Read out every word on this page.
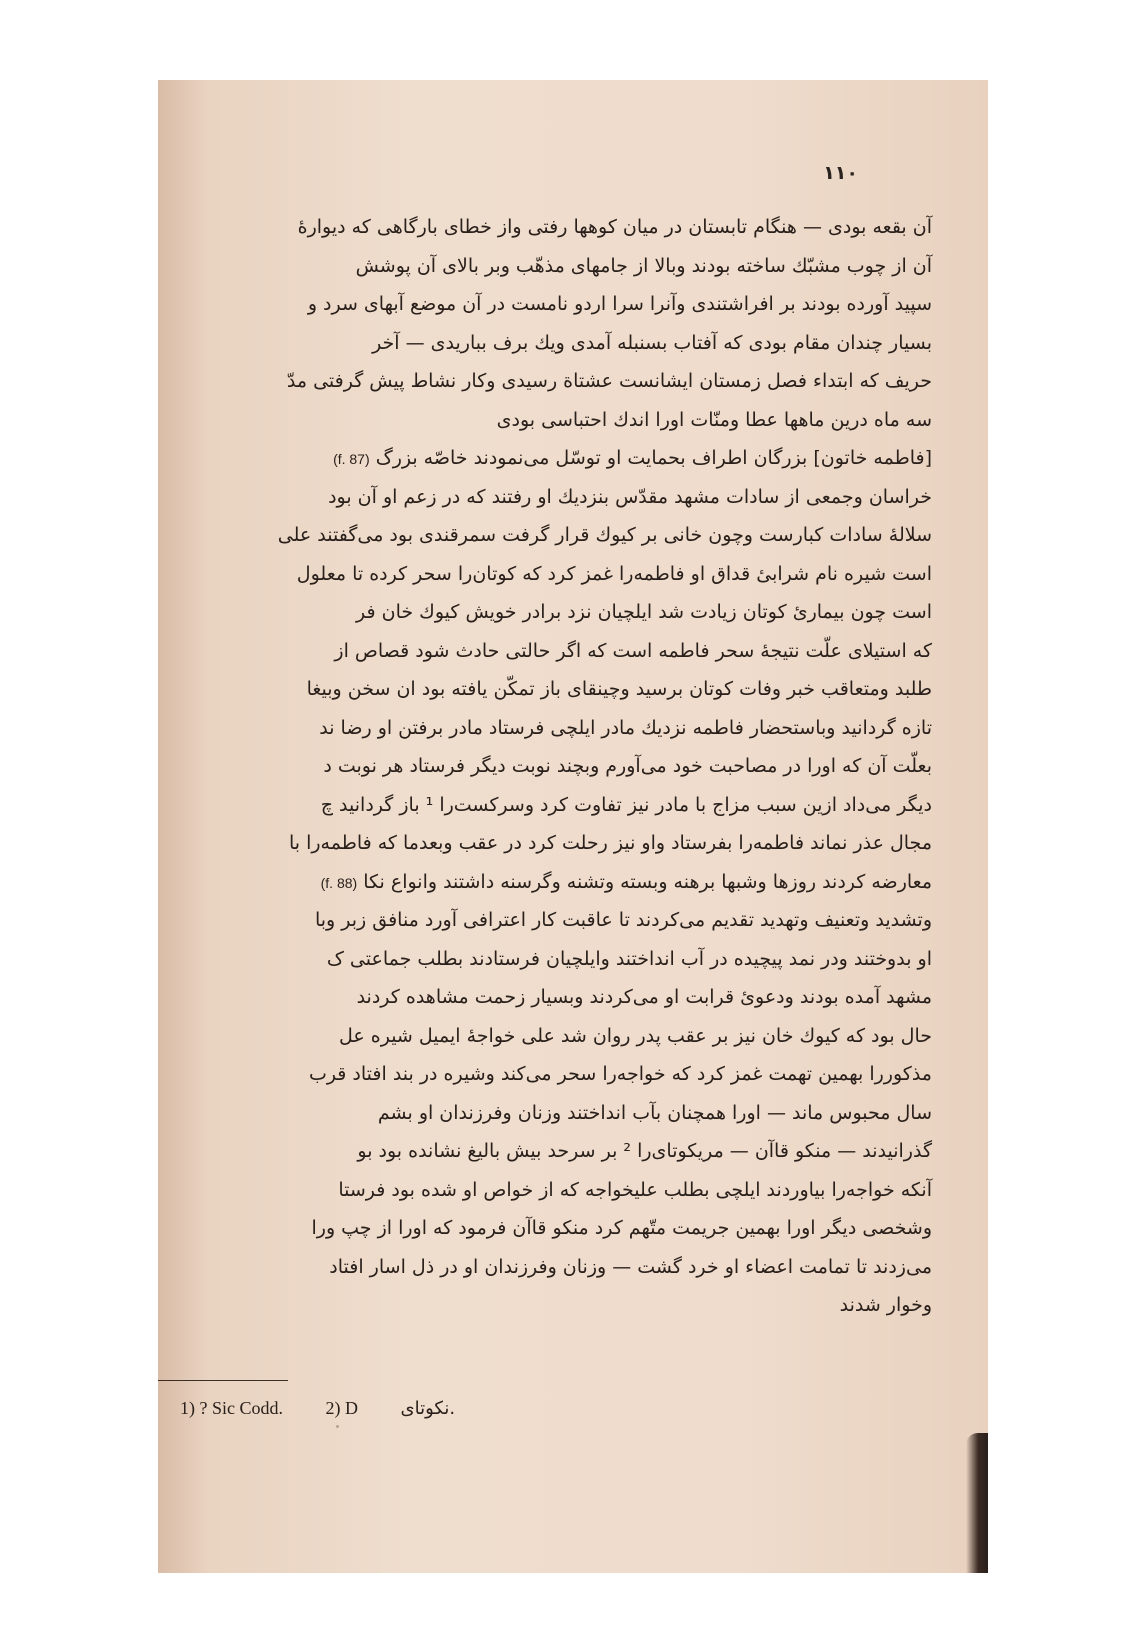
۱۱۰
آن بقعه بودی — هنگام تابستان در میان کوهها رفتی واز خطای بارگاهی که دیوارهٔ
آن از چوب مشبّك ساخته بودند وبالا از جامهای مذهّب وبر بالای آن پوشش
سپید آورده بودند بر افراشتندی وآنرا سرا اردو نامست در آن موضع آبهای سرد و
بسیار چندان مقام بودی که آفتاب بسنبله آمدی ویك برف بباریدی — آخر
حریف که ابتداء فصل زمستان ایشانست عشتاة رسیدی وکار نشاط پیش گرفتی مدّ
سه ماه درین ماهها عطا ومنّات اورا اندك احتباسی بودی
[فاطمه خاتون] بزرگان اطراف بحمایت او توسّل می‌نمودند خاصّه بزرگ (f. 87)
خراسان وجمعی از سادات مشهد مقدّس بنزدیك او رفتند که در زعم او آن بود
سلالهٔ سادات کبارست وچون خانی بر کیوك قرار گرفت سمرقندی بود می‌گفتند علی
است شیره نام شرابیٔ قداق او فاطمه‌را غمز کرد که کوتان‌را سحر کرده تا معلول
است چون بیماریٔ کوتان زیادت شد ایلچیان نزد برادر خویش کیوك خان فر
که استیلای علّت نتیجهٔ سحر فاطمه است که اگر حالتی حادث شود قصاص از
طلبد ومتعاقب خبر وفات کوتان برسید وچینقای باز تمکّن یافته بود ان سخن وبیغا
تازه گردانید وباستحضار فاطمه نزدیك مادر ایلچی فرستاد مادر برفتن او رضا ند
بعلّت آن که اورا در مصاحبت خود می‌آورم وبچند نوبت دیگر فرستاد هر نوبت د
دیگر می‌داد ازین سبب مزاج با مادر نیز تفاوت کرد وسرکست‌را ¹ باز گردانید چ
مجال عذر نماند فاطمه‌را بفرستاد واو نیز رحلت کرد در عقب وبعدما که فاطمه‌را با
معارضه کردند روزها وشبها برهنه وبسته وتشنه وگرسنه داشتند وانواع نکا (f. 88)
وتشدید وتعنیف وتهدید تقدیم می‌کردند تا عاقبت کار اعترافی آورد منافق زبر وبا
او بدوختند ودر نمد پیچیده در آب انداختند وایلچیان فرستادند بطلب جماعتی ک
مشهد آمده بودند ودعویٔ قرابت او می‌کردند وبسیار زحمت مشاهده کردند
حال بود که کیوك خان نیز بر عقب پدر روان شد علی خواجهٔ ایمیل شیره عل
مذکوررا بهمین تهمت غمز کرد که خواجه‌را سحر می‌کند وشیره در بند افتاد قرب
سال محبوس ماند — اورا همچنان بآب انداختند وزنان وفرزندان او بشم
گذرانیدند — منکو قاآن — مریکوتای‌را ² بر سرحد بیش بالیغ نشانده بود بو
آنکه خواجه‌را بیاوردند ایلچی بطلب علیخواجه که از خواص او شده بود فرستا
وشخصی دیگر اورا بهمین جریمت متّهم کرد منکو قاآن فرمود که اورا از چپ ورا
می‌زدند تا تمامت اعضاء او خرد گشت — وزنان وفرزندان او در ذل اسار افتاد
وخوار شدند
1) ? Sic Codd. 2) D نکوتای.
